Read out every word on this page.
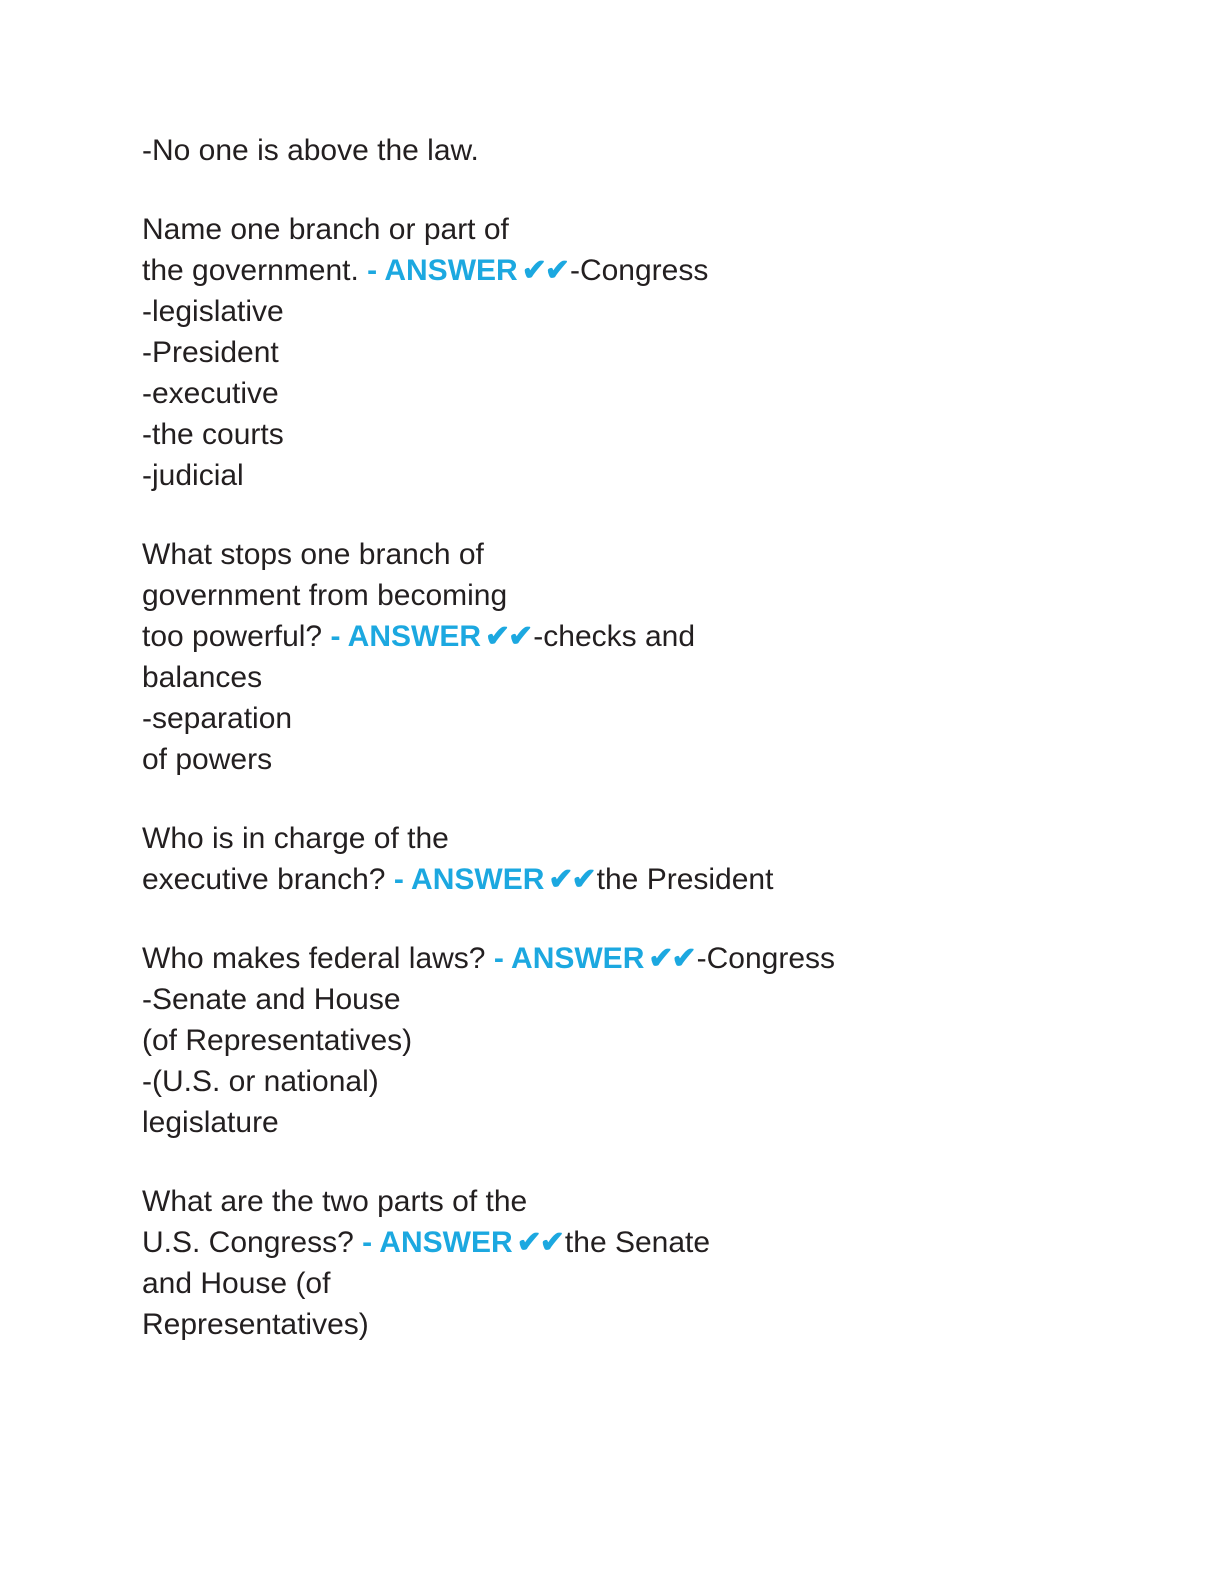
-No one is above the law.
Name one branch or part of
the government. - ANSWER ✔✔-Congress
-legislative
-President
-executive
-the courts
-judicial
What stops one branch of
government from becoming
too powerful? - ANSWER ✔✔-checks and
balances
-separation
of powers
Who is in charge of the
executive branch? - ANSWER ✔✔the President
Who makes federal laws? - ANSWER ✔✔-Congress
-Senate and House
(of Representatives)
-(U.S. or national)
legislature
What are the two parts of the
U.S. Congress? - ANSWER ✔✔the Senate
and House (of
Representatives)
